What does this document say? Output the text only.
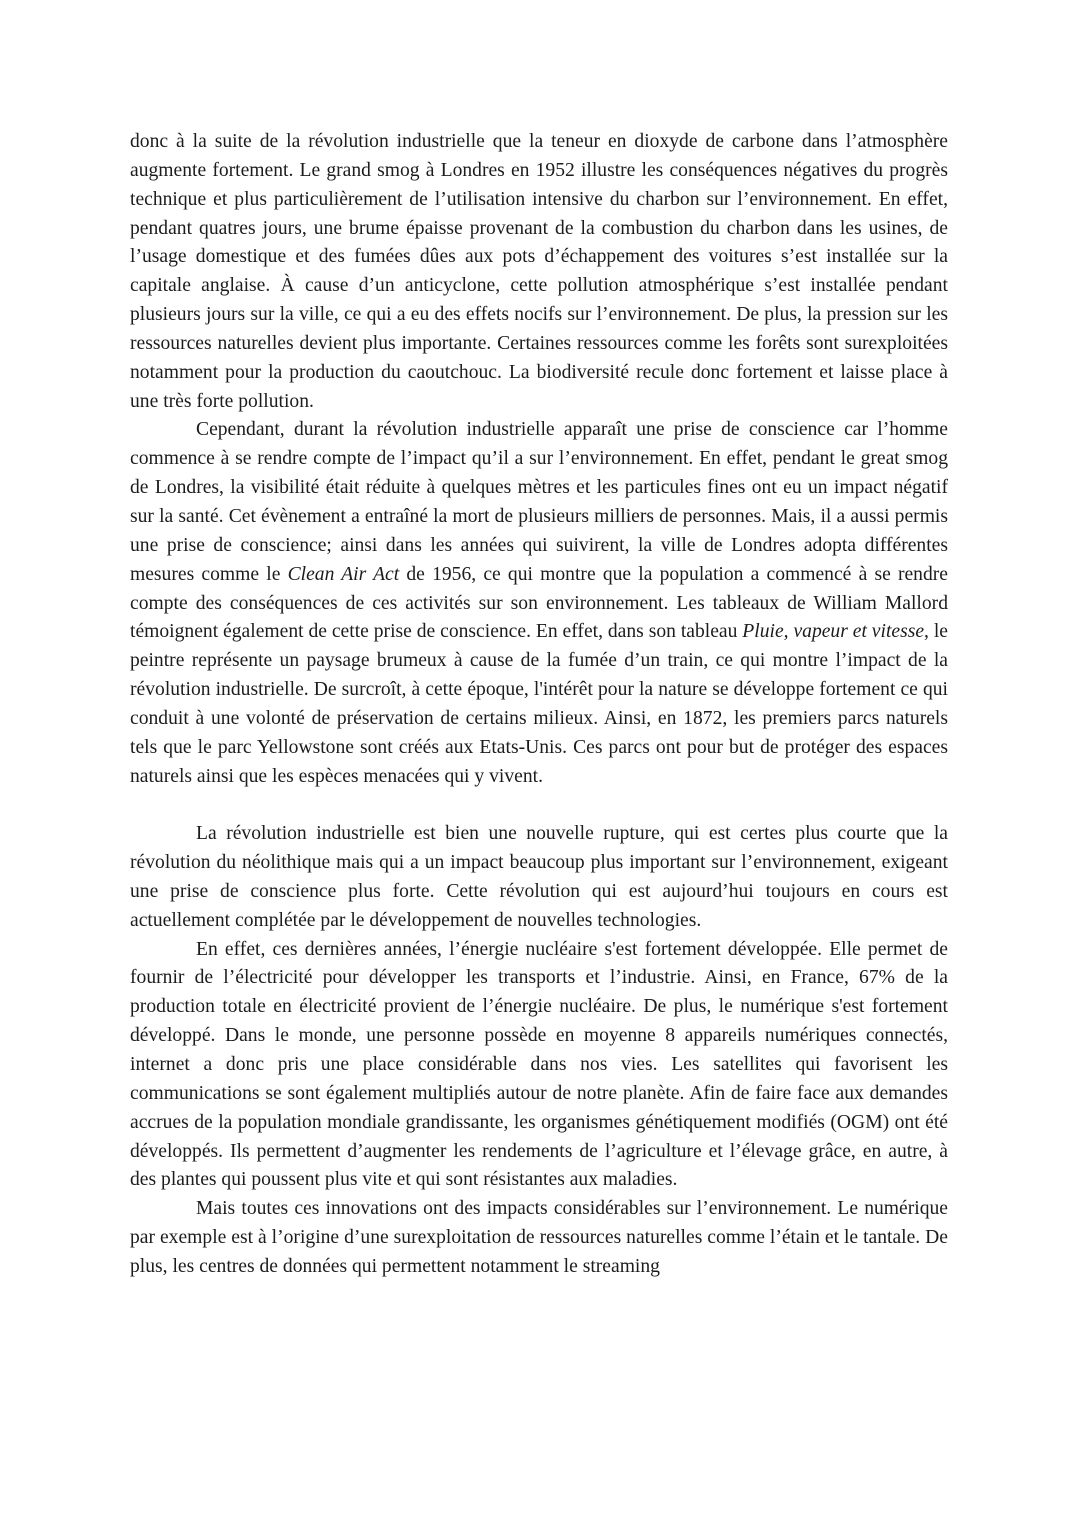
donc à la suite de la révolution industrielle que la teneur en dioxyde de carbone dans l’atmosphère augmente fortement. Le grand smog à Londres en 1952 illustre les conséquences négatives du progrès technique et plus particulièrement de l’utilisation intensive du charbon sur l’environnement. En effet, pendant quatres jours, une brume épaisse provenant de la combustion du charbon dans les usines, de l’usage domestique et des fumées dûes aux pots d’échappement des voitures s’est installée sur la capitale anglaise. À cause d’un anticyclone, cette pollution atmosphérique s’est installée pendant plusieurs jours sur la ville, ce qui a eu des effets nocifs sur l’environnement. De plus, la pression sur les ressources naturelles devient plus importante. Certaines ressources comme les forêts sont surexploitées notamment pour la production du caoutchouc. La biodiversité recule donc fortement et laisse place à une très forte pollution.

Cependant, durant la révolution industrielle apparaît une prise de conscience car l’homme commence à se rendre compte de l’impact qu’il a sur l’environnement. En effet, pendant le great smog de Londres, la visibilité était réduite à quelques mètres et les particules fines ont eu un impact négatif sur la santé. Cet évènement a entraîné la mort de plusieurs milliers de personnes. Mais, il a aussi permis une prise de conscience; ainsi dans les années qui suivirent, la ville de Londres adopta différentes mesures comme le Clean Air Act de 1956, ce qui montre que la population a commencé à se rendre compte des conséquences de ces activités sur son environnement. Les tableaux de William Mallord témoignent également de cette prise de conscience. En effet, dans son tableau Pluie, vapeur et vitesse, le peintre représente un paysage brumeux à cause de la fumée d’un train, ce qui montre l’impact de la révolution industrielle. De surcroît, à cette époque, l'intérêt pour la nature se développe fortement ce qui conduit à une volonté de préservation de certains milieux. Ainsi, en 1872, les premiers parcs naturels tels que le parc Yellowstone sont créés aux Etats-Unis. Ces parcs ont pour but de protéger des espaces naturels ainsi que les espèces menacées qui y vivent.

La révolution industrielle est bien une nouvelle rupture, qui est certes plus courte que la révolution du néolithique mais qui a un impact beaucoup plus important sur l’environnement, exigeant une prise de conscience plus forte. Cette révolution qui est aujourd’hui toujours en cours est actuellement complétée par le développement de nouvelles technologies.

En effet, ces dernières années, l’énergie nucléaire s'est fortement développée. Elle permet de fournir de l’électricité pour développer les transports et l’industrie. Ainsi, en France, 67% de la production totale en électricité provient de l’énergie nucléaire. De plus, le numérique s'est fortement développé. Dans le monde, une personne possède en moyenne 8 appareils numériques connectés, internet a donc pris une place considérable dans nos vies. Les satellites qui favorisent les communications se sont également multipliés autour de notre planète. Afin de faire face aux demandes accrues de la population mondiale grandissante, les organismes génétiquement modifiés (OGM) ont été développés. Ils permettent d’augmenter les rendements de l’agriculture et l’élevage grâce, en autre, à des plantes qui poussent plus vite et qui sont résistantes aux maladies.

Mais toutes ces innovations ont des impacts considérables sur l’environnement. Le numérique par exemple est à l’origine d’une surexploitation de ressources naturelles comme l’étain et le tantale. De plus, les centres de données qui permettent notamment le streaming
